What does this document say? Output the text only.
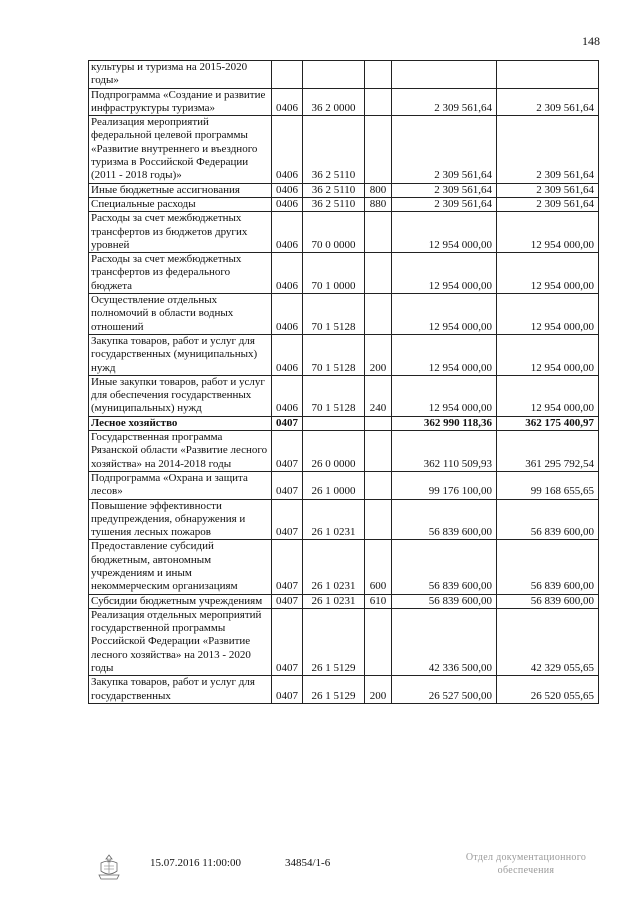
148
культуры и туризма на 2015-2020 годы»					
Подпрограмма «Создание и развитие инфраструктуры туризма»	0406	36 2 0000		2 309 561,64	2 309 561,64
Реализация мероприятий федеральной целевой программы «Развитие внутреннего и въездного туризма в Российской Федерации (2011 - 2018 годы)»	0406	36 2 5110		2 309 561,64	2 309 561,64
Иные бюджетные ассигнования	0406	36 2 5110	800	2 309 561,64	2 309 561,64
Специальные расходы	0406	36 2 5110	880	2 309 561,64	2 309 561,64
Расходы за счет межбюджетных трансфертов из бюджетов других уровней	0406	70 0 0000		12 954 000,00	12 954 000,00
Расходы за счет межбюджетных трансфертов из федерального бюджета	0406	70 1 0000		12 954 000,00	12 954 000,00
Осуществление отдельных полномочий в области водных отношений	0406	70 1 5128		12 954 000,00	12 954 000,00
Закупка товаров, работ и услуг для государственных (муниципальных) нужд	0406	70 1 5128	200	12 954 000,00	12 954 000,00
Иные закупки товаров, работ и услуг для обеспечения государственных (муниципальных) нужд	0406	70 1 5128	240	12 954 000,00	12 954 000,00
Лесное хозяйство	0407			362 990 118,36	362 175 400,97
Государственная программа Рязанской области «Развитие лесного хозяйства» на 2014-2018 годы	0407	26 0 0000		362 110 509,93	361 295 792,54
Подпрограмма «Охрана и защита лесов»	0407	26 1 0000		99 176 100,00	99 168 655,65
Повышение эффективности предупреждения, обнаружения и тушения лесных пожаров	0407	26 1 0231		56 839 600,00	56 839 600,00
Предоставление субсидий бюджетным, автономным учреждениям и иным некоммерческим организациям	0407	26 1 0231	600	56 839 600,00	56 839 600,00
Субсидии бюджетным учреждениям	0407	26 1 0231	610	56 839 600,00	56 839 600,00
Реализация отдельных мероприятий государственной программы Российской Федерации «Развитие лесного хозяйства» на 2013 - 2020 годы	0407	26 1 5129		42 336 500,00	42 329 055,65
Закупка товаров, работ и услуг для государственных	0407	26 1 5129	200	26 527 500,00	26 520 055,65
15.07.2016 11:00:00	34854/1-6	Отдел документационного
обеспечения
